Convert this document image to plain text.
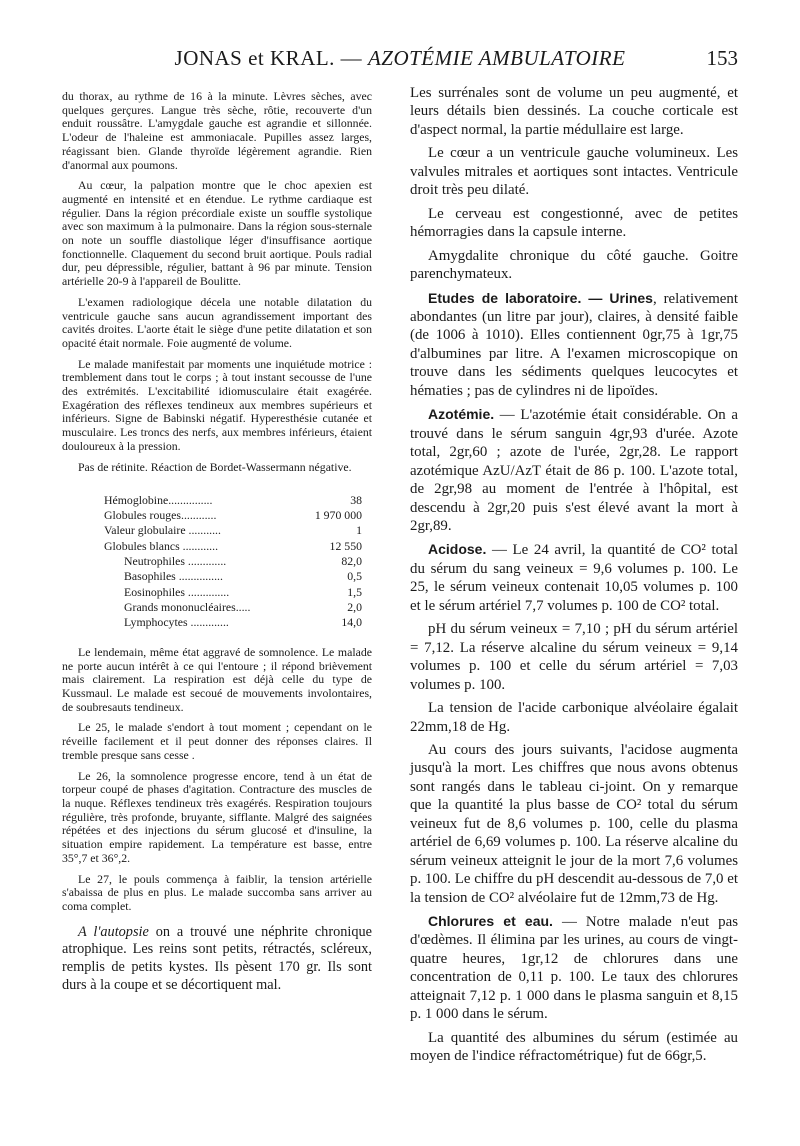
JONAS et KRAL. — AZOTÉMIE AMBULATOIRE	153

du thorax, au rythme de 16 à la minute. Lèvres sèches, avec quelques gerçures. Langue très sèche, rôtie, recouverte d'un enduit roussâtre. L'amygdale gauche est agrandie et sillonnée. L'odeur de l'haleine est ammoniacale. Pupilles assez larges, réagissant bien. Glande thyroïde légèrement agrandie. Rien d'anormal aux poumons.

Au cœur, la palpation montre que le choc apexien est augmenté en intensité et en étendue. Le rythme cardiaque est régulier. Dans la région précordiale existe un souffle systolique avec son maximum à la pulmonaire. Dans la région sous-sternale on note un souffle diastolique léger d'insuffisance aortique fonctionnelle. Claquement du second bruit aortique. Pouls radial dur, peu dépressible, régulier, battant à 96 par minute. Tension artérielle 20-9 à l'appareil de Boulitte.

L'examen radiologique décela une notable dilatation du ventricule gauche sans aucun agrandissement important des cavités droites. L'aorte était le siège d'une petite dilatation et son opacité était normale. Foie augmenté de volume.

Le malade manifestait par moments une inquiétude motrice : tremblement dans tout le corps ; à tout instant secousse de l'une des extrémités. L'excitabilité idiomusculaire était exagérée. Exagération des réflexes tendineux aux membres supérieurs et inférieurs. Signe de Babinski négatif. Hyperesthésie cutanée et musculaire. Les troncs des nerfs, aux membres inférieurs, étaient douloureux à la pression.

Pas de rétinite. Réaction de Bordet-Wassermann négative.

Hémoglobine...............	38
Globules rouges............	1 970 000
Valeur globulaire ...........	1
Globules blancs ............	12 550
Neutrophiles .............	82,0
Basophiles ...............	0,5
Eosinophiles ..............	1,5
Grands mononucléaires.....	2,0
Lymphocytes .............	14,0

Le lendemain, même état aggravé de somnolence. Le malade ne porte aucun intérêt à ce qui l'entoure ; il répond brièvement mais clairement. La respiration est déjà celle du type de Kussmaul. Le malade est secoué de mouvements involontaires, de soubresauts tendineux.

Le 25, le malade s'endort à tout moment ; cependant on le réveille facilement et il peut donner des réponses claires. Il tremble presque sans cesse .

Le 26, la somnolence progresse encore, tend à un état de torpeur coupé de phases d'agitation. Contracture des muscles de la nuque. Réflexes tendineux très exagérés. Respiration toujours régulière, très profonde, bruyante, sifflante. Malgré des saignées répétées et des injections du sérum glucosé et d'insuline, la situation empire rapidement. La température est basse, entre 35°,7 et 36°,2.

Le 27, le pouls commença à faiblir, la tension artérielle s'abaissa de plus en plus. Le malade succomba sans arriver au coma complet.

A l'autopsie on a trouvé une néphrite chronique atrophique. Les reins sont petits, rétractés, scléreux, remplis de petits kystes. Ils pèsent 170 gr. Ils sont durs à la coupe et se décortiquent mal.

Les surrénales sont de volume un peu augmenté, et leurs détails bien dessinés. La couche corticale est d'aspect normal, la partie médullaire est large.

Le cœur a un ventricule gauche volumineux. Les valvules mitrales et aortiques sont intactes. Ventricule droit très peu dilaté.

Le cerveau est congestionné, avec de petites hémorragies dans la capsule interne.

Amygdalite chronique du côté gauche. Goitre parenchymateux.

Etudes de laboratoire. — Urines, relativement abondantes (un litre par jour), claires, à densité faible (de 1006 à 1010). Elles contiennent 0gr,75 à 1gr,75 d'albumines par litre. A l'examen microscopique on trouve dans les sédiments quelques leucocytes et hématies ; pas de cylindres ni de lipoïdes.

Azotémie. — L'azotémie était considérable. On a trouvé dans le sérum sanguin 4gr,93 d'urée. Azote total, 2gr,60 ; azote de l'urée, 2gr,28. Le rapport azotémique AzU/AzT était de 86 p. 100. L'azote total, de 2gr,98 au moment de l'entrée à l'hôpital, est descendu à 2gr,20 puis s'est élevé avant la mort à 2gr,89.

Acidose. — Le 24 avril, la quantité de CO² total du sérum du sang veineux = 9,6 volumes p. 100. Le 25, le sérum veineux contenait 10,05 volumes p. 100 et le sérum artériel 7,7 volumes p. 100 de CO² total.

pH du sérum veineux = 7,10 ; pH du sérum artériel = 7,12. La réserve alcaline du sérum veineux = 9,14 volumes p. 100 et celle du sérum artériel = 7,03 volumes p. 100.

La tension de l'acide carbonique alvéolaire égalait 22mm,18 de Hg.

Au cours des jours suivants, l'acidose augmenta jusqu'à la mort. Les chiffres que nous avons obtenus sont rangés dans le tableau ci-joint. On y remarque que la quantité la plus basse de CO² total du sérum veineux fut de 8,6 volumes p. 100, celle du plasma artériel de 6,69 volumes p. 100. La réserve alcaline du sérum veineux atteignit le jour de la mort 7,6 volumes p. 100. Le chiffre du pH descendit au-dessous de 7,0 et la tension de CO² alvéolaire fut de 12mm,73 de Hg.

Chlorures et eau. — Notre malade n'eut pas d'œdèmes. Il élimina par les urines, au cours de vingt-quatre heures, 1gr,12 de chlorures dans une concentration de 0,11 p. 100. Le taux des chlorures atteignait 7,12 p. 1 000 dans le plasma sanguin et 8,15 p. 1 000 dans le sérum.

La quantité des albumines du sérum (estimée au moyen de l'indice réfractométrique) fut de 66gr,5.
